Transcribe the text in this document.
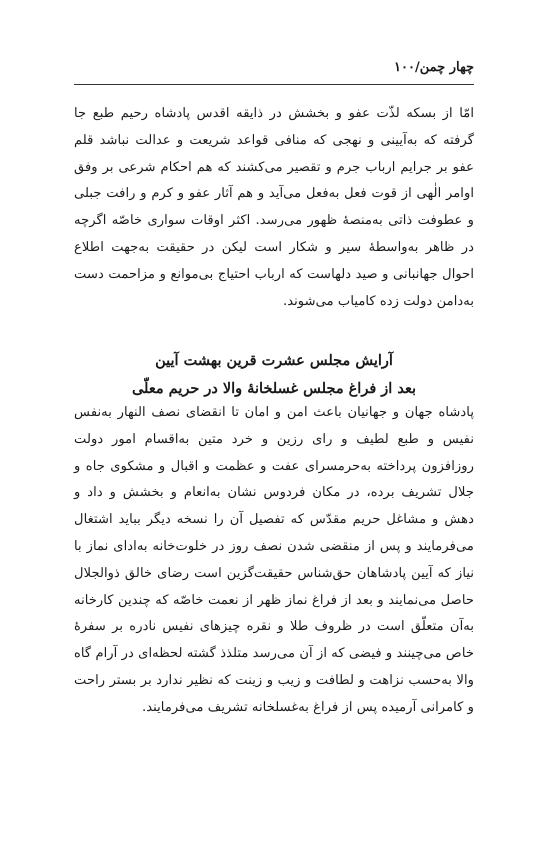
چهار چمن/۱۰۰

امّا از بسکه لذّت عفو و بخشش در ذایقه اقدس پادشاه رحیم طبع جا گرفته که به‌آیینی و نهجی که منافی قواعد شریعت و عدالت نباشد قلم عفو بر جرایم ارباب جرم و تقصیر می‌کشند که هم احکام شرعی بر وفق اوامر الٰهی از قوت فعل به‌فعل می‌آید و هم آثار عفو و کرم و رافت جبلی و عطوفت ذاتی به‌منصهٔ ظهور می‌رسد. اکثر اوقات سواری خاصّه اگرچه در ظاهر به‌واسطهٔ سیر و شکار است لیکن در حقیقت به‌جهت اطلاع احوال جهانبانی و صید دلهاست که ارباب احتیاج بی‌موانع و مزاحمت دست به‌دامن دولت زده کامیاب می‌شوند.

آرایش مجلس عشرت قرین بهشت آیین

بعد از فراغ مجلس غسلخانهٔ والا در حریم معلّی

پادشاه جهان و جهانیان باعث امن و امان تا انقضای نصف النهار به‌نفس نفیس و طبع لطیف و رای رزین و خرد متین به‌اقسام امور دولت روزافزون پرداخته به‌حرمسرای عفت و عظمت و اقبال و مشکوی جاه و جلال تشریف برده، در مکان فردوس نشان به‌انعام و بخشش و داد و دهش و مشاغل حریم مقدّس که تفصیل آن را نسخه دیگر بباید اشتغال می‌فرمایند و پس از منقضی شدن نصف روز در خلوت‌خانه به‌ادای نماز با نیاز که آیین پادشاهان حق‌شناس حقیقت‌گزین است رضای خالق ذوالجلال حاصل می‌نمایند و بعد از فراغ نماز ظهر از نعمت خاصّه که چندین کارخانه به‌آن متعلّق است در ظروف طلا و نقره چیزهای نفیس نادره بر سفرهٔ خاص می‌چینند و فیضی که از آن می‌رسد متلذذ گشته لحظه‌ای در آرام گاه والا به‌حسب نزاهت و لطافت و زیب و زینت که نظیر ندارد بر بستر راحت و کامرانی آرمیده پس از فراغ به‌غسلخانه تشریف می‌فرمایند.
